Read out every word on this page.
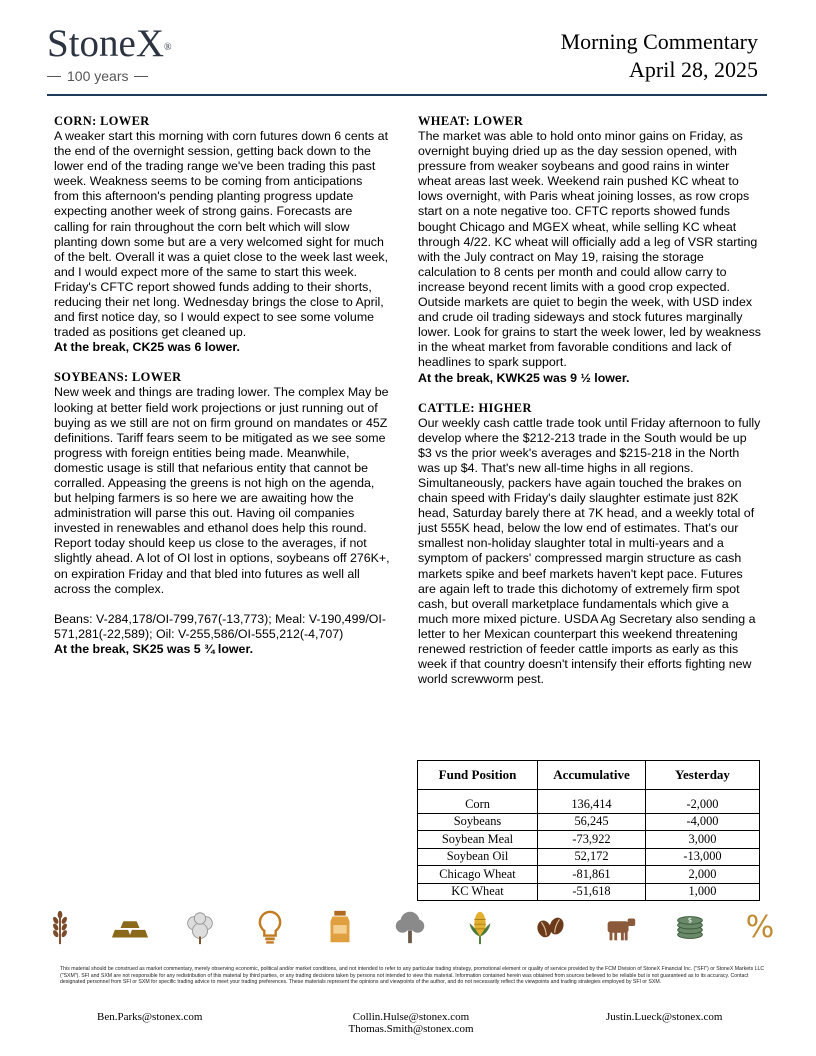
StoneX®
100 years
Morning Commentary
April 28, 2025
CORN: LOWER

A weaker start this morning with corn futures down 6 cents at the end of the overnight session, getting back down to the lower end of the trading range we've been trading this past week. Weakness seems to be coming from anticipations from this afternoon's pending planting progress update expecting another week of strong gains. Forecasts are calling for rain throughout the corn belt which will slow planting down some but are a very welcomed sight for much of the belt. Overall it was a quiet close to the week last week, and I would expect more of the same to start this week. Friday's CFTC report showed funds adding to their shorts, reducing their net long. Wednesday brings the close to April, and first notice day, so I would expect to see some volume traded as positions get cleaned up.

At the break, CK25 was 6 lower.

SOYBEANS: LOWER

New week and things are trading lower. The complex May be looking at better field work projections or just running out of buying as we still are not on firm ground on mandates or 45Z definitions. Tariff fears seem to be mitigated as we see some progress with foreign entities being made. Meanwhile, domestic usage is still that nefarious entity that cannot be corralled. Appeasing the greens is not high on the agenda, but helping farmers is so here we are awaiting how the administration will parse this out. Having oil companies invested in renewables and ethanol does help this round. Report today should keep us close to the averages, if not slightly ahead. A lot of OI lost in options, soybeans off 276K+, on expiration Friday and that bled into futures as well all across the complex.

Beans: V-284,178/OI-799,767(-13,773); Meal: V-190,499/OI-571,281(-22,589); Oil: V-255,586/OI-555,212(-4,707)

At the break, SK25 was 5 ¾ lower.

WHEAT: LOWER

The market was able to hold onto minor gains on Friday, as overnight buying dried up as the day session opened, with pressure from weaker soybeans and good rains in winter wheat areas last week. Weekend rain pushed KC wheat to lows overnight, with Paris wheat joining losses, as row crops start on a note negative too. CFTC reports showed funds bought Chicago and MGEX wheat, while selling KC wheat through 4/22. KC wheat will officially add a leg of VSR starting with the July contract on May 19, raising the storage calculation to 8 cents per month and could allow carry to increase beyond recent limits with a good crop expected. Outside markets are quiet to begin the week, with USD index and crude oil trading sideways and stock futures marginally lower. Look for grains to start the week lower, led by weakness in the wheat market from favorable conditions and lack of headlines to spark support.

At the break, KWK25 was 9 ½ lower.

CATTLE: HIGHER

Our weekly cash cattle trade took until Friday afternoon to fully develop where the $212-213 trade in the South would be up $3 vs the prior week's averages and $215-218 in the North was up $4. That's new all-time highs in all regions. Simultaneously, packers have again touched the brakes on chain speed with Friday's daily slaughter estimate just 82K head, Saturday barely there at 7K head, and a weekly total of just 555K head, below the low end of estimates. That's our smallest non-holiday slaughter total in multi-years and a symptom of packers' compressed margin structure as cash markets spike and beef markets haven't kept pace. Futures are again left to trade this dichotomy of extremely firm spot cash, but overall marketplace fundamentals which give a much more mixed picture. USDA Ag Secretary also sending a letter to her Mexican counterpart this weekend threatening renewed restriction of feeder cattle imports as early as this week if that country doesn't intensify their efforts fighting new world screwworm pest.

Fund Position	Accumulative	Yesterday
Corn	136,414	-2,000
Soybeans	56,245	-4,000
Soybean Meal	-73,922	3,000
Soybean Oil	52,172	-13,000
Chicago Wheat	-81,861	2,000
KC Wheat	-51,618	1,000
$ %
This material should be construed as market commentary, merely observing economic, political and/or market conditions, and not intended to refer to any particular trading strategy, promotional element or quality of service provided by the FCM Division of StoneX Financial Inc. ("SFI") or StoneX Markets LLC ("SXM"). SFI and SXM are not responsible for any redistribution of this material by third parties, or any trading decisions taken by persons not intended to view this material. Information contained herein was obtained from sources believed to be reliable but is not guaranteed as to its accuracy. Contact designated personnel from SFI or SXM for specific trading advice to meet your trading preferences. These materials represent the opinions and viewpoints of the author, and do not necessarily reflect the viewpoints and trading strategies employed by SFI or SXM.
Ben.Parks@stonex.com	Collin.Hulse@stonex.com
Thomas.Smith@stonex.com
Justin.Lueck@stonex.com
